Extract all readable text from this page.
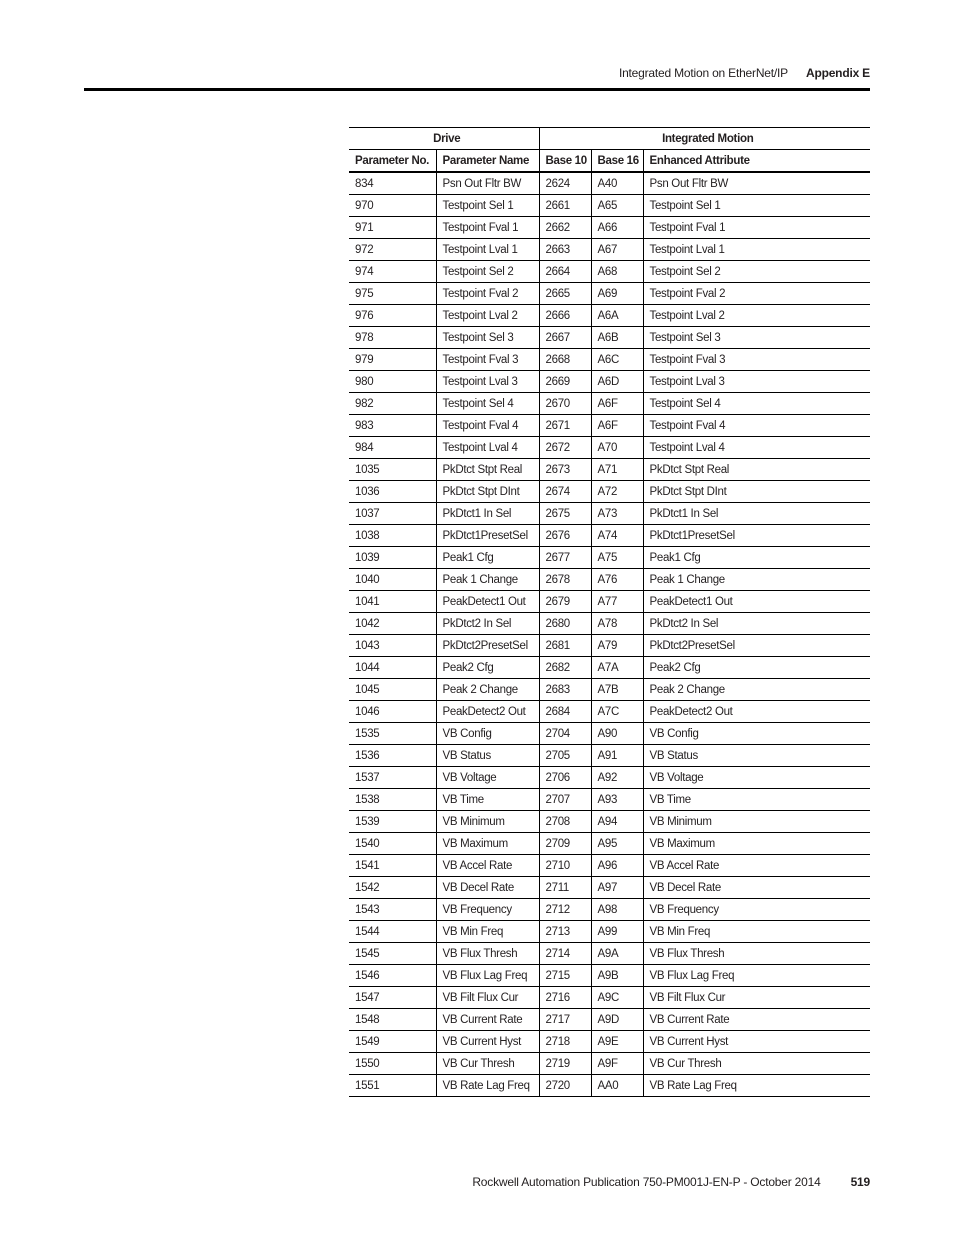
Integrated Motion on EtherNet/IP Appendix E
Drive		Integrated Motion		
Parameter No.	Parameter Name	Base 10	Base 16	Enhanced Attribute
834	Psn Out Fltr BW	2624	A40	Psn Out Fltr BW
970	Testpoint Sel 1	2661	A65	Testpoint Sel 1
971	Testpoint Fval 1	2662	A66	Testpoint Fval 1
972	Testpoint Lval 1	2663	A67	Testpoint Lval 1
974	Testpoint Sel 2	2664	A68	Testpoint Sel 2
975	Testpoint Fval 2	2665	A69	Testpoint Fval 2
976	Testpoint Lval 2	2666	A6A	Testpoint Lval 2
978	Testpoint Sel 3	2667	A6B	Testpoint Sel 3
979	Testpoint Fval 3	2668	A6C	Testpoint Fval 3
980	Testpoint Lval 3	2669	A6D	Testpoint Lval 3
982	Testpoint Sel 4	2670	A6F	Testpoint Sel 4
983	Testpoint Fval 4	2671	A6F	Testpoint Fval 4
984	Testpoint Lval 4	2672	A70	Testpoint Lval 4
1035	PkDtct Stpt Real	2673	A71	PkDtct Stpt Real
1036	PkDtct Stpt DInt	2674	A72	PkDtct Stpt DInt
1037	PkDtct1 In Sel	2675	A73	PkDtct1 In Sel
1038	PkDtct1PresetSel	2676	A74	PkDtct1PresetSel
1039	Peak1 Cfg	2677	A75	Peak1 Cfg
1040	Peak 1 Change	2678	A76	Peak 1 Change
1041	PeakDetect1 Out	2679	A77	PeakDetect1 Out
1042	PkDtct2 In Sel	2680	A78	PkDtct2 In Sel
1043	PkDtct2PresetSel	2681	A79	PkDtct2PresetSel
1044	Peak2 Cfg	2682	A7A	Peak2 Cfg
1045	Peak 2 Change	2683	A7B	Peak 2 Change
1046	PeakDetect2 Out	2684	A7C	PeakDetect2 Out
1535	VB Config	2704	A90	VB Config
1536	VB Status	2705	A91	VB Status
1537	VB Voltage	2706	A92	VB Voltage
1538	VB Time	2707	A93	VB Time
1539	VB Minimum	2708	A94	VB Minimum
1540	VB Maximum	2709	A95	VB Maximum
1541	VB Accel Rate	2710	A96	VB Accel Rate
1542	VB Decel Rate	2711	A97	VB Decel Rate
1543	VB Frequency	2712	A98	VB Frequency
1544	VB Min Freq	2713	A99	VB Min Freq
1545	VB Flux Thresh	2714	A9A	VB Flux Thresh
1546	VB Flux Lag Freq	2715	A9B	VB Flux Lag Freq
1547	VB Filt Flux Cur	2716	A9C	VB Filt Flux Cur
1548	VB Current Rate	2717	A9D	VB Current Rate
1549	VB Current Hyst	2718	A9E	VB Current Hyst
1550	VB Cur Thresh	2719	A9F	VB Cur Thresh
1551	VB Rate Lag Freq	2720	AA0	VB Rate Lag Freq
Rockwell Automation Publication 750-PM001J-EN-P - October 2014	519
